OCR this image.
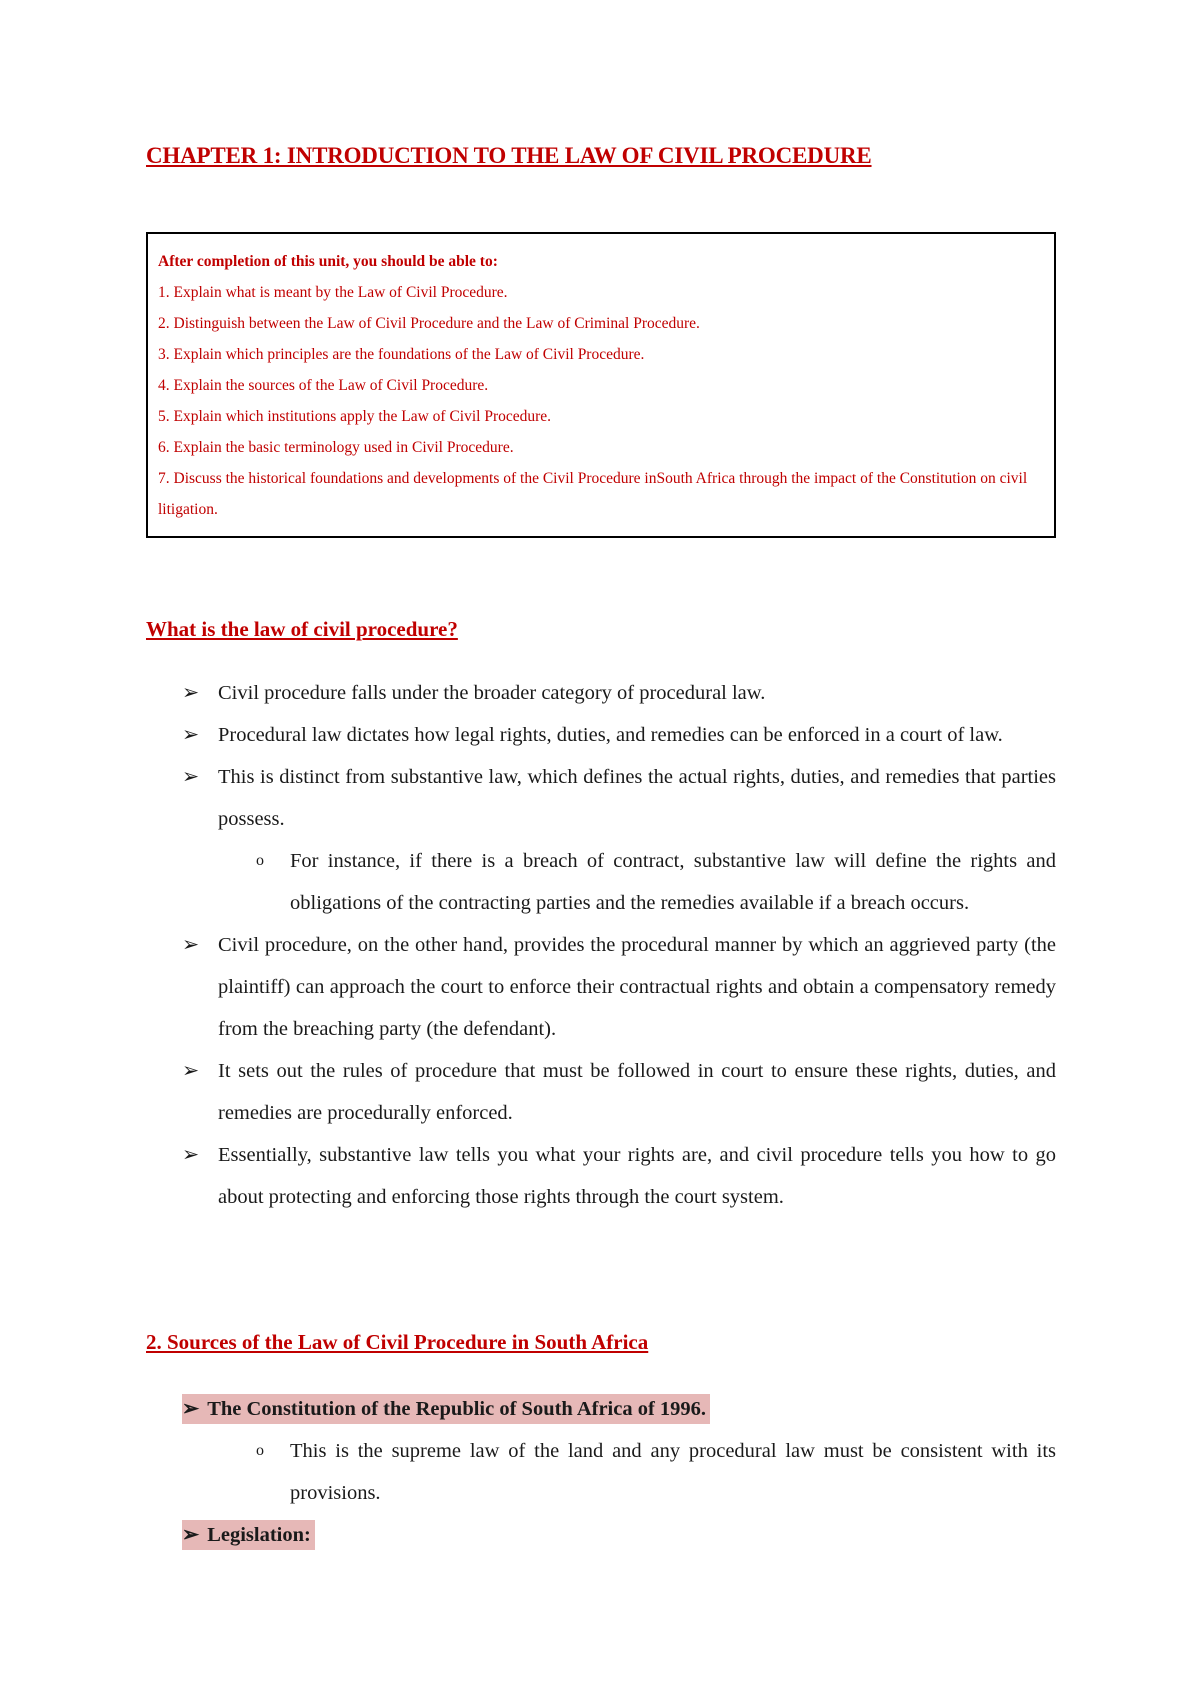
CHAPTER 1: INTRODUCTION TO THE LAW OF CIVIL PROCEDURE
After completion of this unit, you should be able to:
1. Explain what is meant by the Law of Civil Procedure.
2. Distinguish between the Law of Civil Procedure and the Law of Criminal Procedure.
3. Explain which principles are the foundations of the Law of Civil Procedure.
4. Explain the sources of the Law of Civil Procedure.
5. Explain which institutions apply the Law of Civil Procedure.
6. Explain the basic terminology used in Civil Procedure.
7. Discuss the historical foundations and developments of the Civil Procedure inSouth Africa through the impact of the Constitution on civil litigation.
What is the law of civil procedure?
➢ Civil procedure falls under the broader category of procedural law.
➢ Procedural law dictates how legal rights, duties, and remedies can be enforced in a court of law.
➢ This is distinct from substantive law, which defines the actual rights, duties, and remedies that parties possess.
o For instance, if there is a breach of contract, substantive law will define the rights and obligations of the contracting parties and the remedies available if a breach occurs.
➢ Civil procedure, on the other hand, provides the procedural manner by which an aggrieved party (the plaintiff) can approach the court to enforce their contractual rights and obtain a compensatory remedy from the breaching party (the defendant).
➢ It sets out the rules of procedure that must be followed in court to ensure these rights, duties, and remedies are procedurally enforced.
➢ Essentially, substantive law tells you what your rights are, and civil procedure tells you how to go about protecting and enforcing those rights through the court system.
2. Sources of the Law of Civil Procedure in South Africa
➢ The Constitution of the Republic of South Africa of 1996.
o This is the supreme law of the land and any procedural law must be consistent with its provisions.
➢ Legislation:
